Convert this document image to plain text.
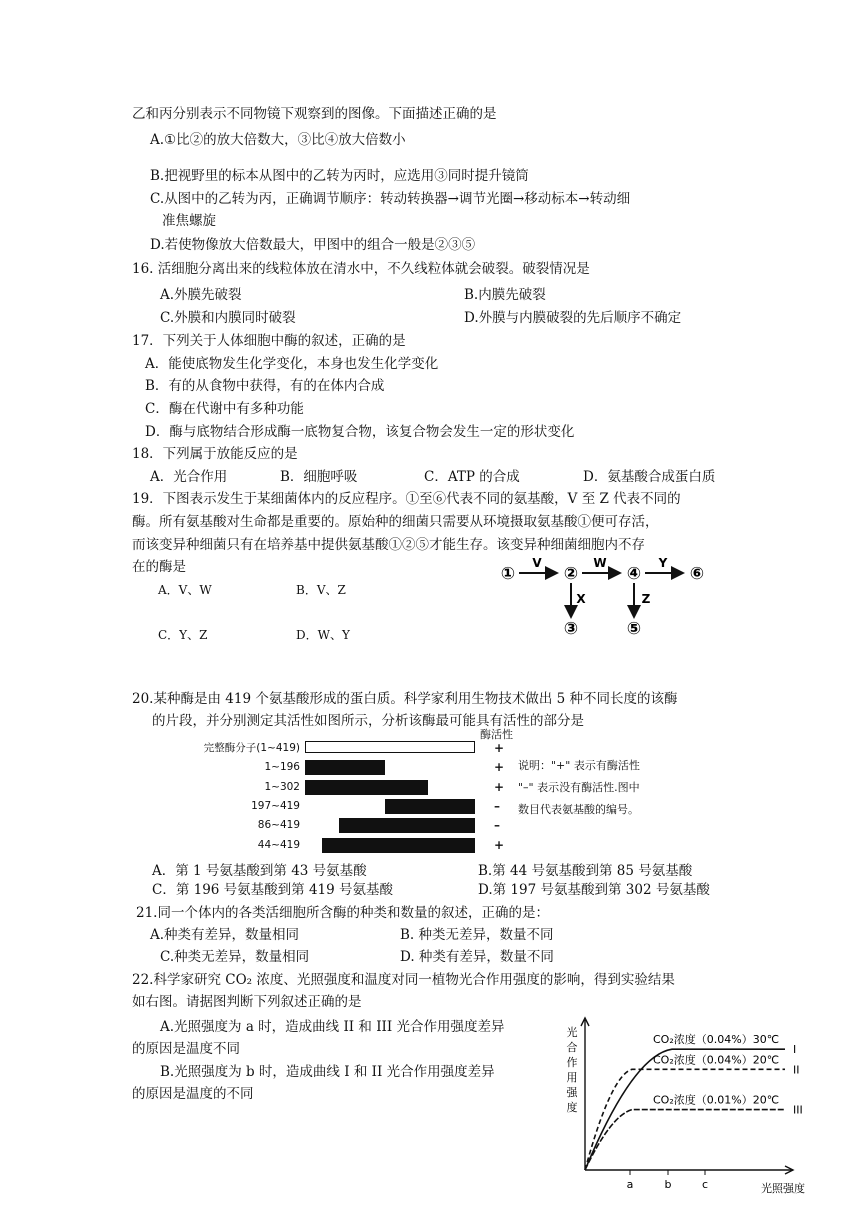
乙和丙分别表示不同物镜下观察到的图像。下面描述正确的是
A.①比②的放大倍数大，③比④放大倍数小
B.把视野里的标本从图中的乙转为丙时，应选用③同时提升镜筒
C.从图中的乙转为丙，正确调节顺序：转动转换器→调节光圈→移动标本→转动细
准焦螺旋
D.若使物像放大倍数最大，甲图中的组合一般是②③⑤
16. 活细胞分离出来的线粒体放在清水中，不久线粒体就会破裂。破裂情况是
A.外膜先破裂	B.内膜先破裂
C.外膜和内膜同时破裂	D.外膜与内膜破裂的先后顺序不确定
17．下列关于人体细胞中酶的叙述，正确的是
A．能使底物发生化学变化，本身也发生化学变化
B．有的从食物中获得，有的在体内合成
C．酶在代谢中有多种功能
D．酶与底物结合形成酶一底物复合物，该复合物会发生一定的形状变化
18．下列属于放能反应的是
A．光合作用	B．细胞呼吸	C．ATP 的合成	D．氨基酸合成蛋白质
19．下图表示发生于某细菌体内的反应程序。①至⑥代表不同的氨基酸，V 至 Z 代表不同的
酶。所有氨基酸对生命都是重要的。原始种的细菌只需要从环境摄取氨基酸①便可存活，
而该变异种细菌只有在培养基中提供氨基酸①②⑤才能生存。该变异种细菌细胞内不存
在的酶是
A．V、W	B．V、Z
C．Y、Z	D．W、Y
①	②	④	⑥
③	⑤
V	W	Y
X	Z
20.某种酶是由 419 个氨基酸形成的蛋白质。科学家利用生物技术做出 5 种不同长度的该酶
的片段，并分别测定其活性如图所示，分析该酶最可能具有活性的部分是
酶活性
说明："+" 表示有酶活性
"–" 表示没有酶活性.图中
数目代表氨基酸的编号。
完整酶分子(1~419)	+
1~196	+
1~302	+
197~419	–
86~419	–
44~419	+
A．第 1 号氨基酸到第 43 号氨基酸	B.第 44 号氨基酸到第 85 号氨基酸
C．第 196 号氨基酸到第 419 号氨基酸	D.第 197 号氨基酸到第 302 号氨基酸
21.同一个体内的各类活细胞所含酶的种类和数量的叙述，正确的是：
A.种类有差异，数量相同	B. 种类无差异，数量不同
C.种类无差异，数量相同	D. 种类有差异，数量不同
22.科学家研究 CO₂ 浓度、光照强度和温度对同一植物光合作用强度的影响，得到实验结果
如右图。请据图判断下列叙述正确的是
A.光照强度为 a 时，造成曲线 II 和 III 光合作用强度差异
的原因是温度不同
B.光照强度为 b 时，造成曲线 I 和 II 光合作用强度差异
的原因是温度的不同
光
合
作
用
强
度
光照强度
a	b	c
I
CO₂浓度（0.04%）30℃
II
CO₂浓度（0.04%）20℃
III
CO₂浓度（0.01%）20℃
